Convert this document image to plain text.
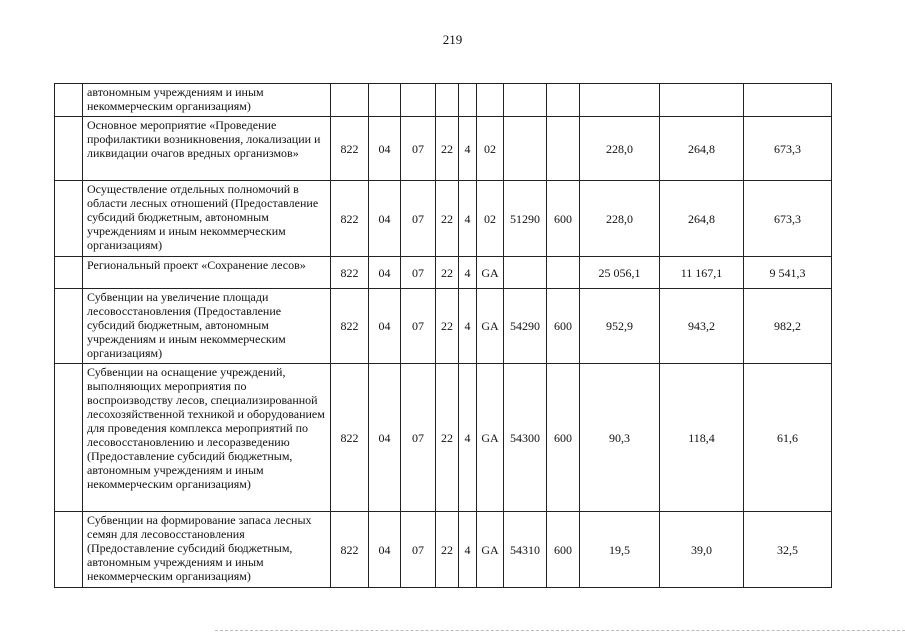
219
	автономным учреждениям и иным некоммерческим организациям)											
	Основное мероприятие «Проведение профилактики возникновения, локализации и ликвидации очагов вредных организмов»	822	04	07	22	4	02			228,0	264,8	673,3
	Осуществление отдельных полномочий в области лесных отношений (Предоставление субсидий бюджетным, автономным учреждениям и иным некоммерческим организациям)	822	04	07	22	4	02	51290	600	228,0	264,8	673,3
	Региональный проект «Сохранение лесов»	822	04	07	22	4	GA			25 056,1	11 167,1	9 541,3
	Субвенции на увеличение площади лесовосстановления (Предоставление субсидий бюджетным, автономным учреждениям и иным некоммерческим организациям)	822	04	07	22	4	GA	54290	600	952,9	943,2	982,2
	Субвенции на оснащение учреждений, выполняющих мероприятия по воспроизводству лесов, специализированной лесохозяйственной техникой и оборудованием для проведения комплекса мероприятий по лесовосстановлению и лесоразведению (Предоставление субсидий бюджетным, автономным учреждениям и иным некоммерческим организациям)	822	04	07	22	4	GA	54300	600	90,3	118,4	61,6
	Субвенции на формирование запаса лесных семян для лесовосстановления (Предоставление субсидий бюджетным, автономным учреждениям и иным некоммерческим организациям)	822	04	07	22	4	GA	54310	600	19,5	39,0	32,5
